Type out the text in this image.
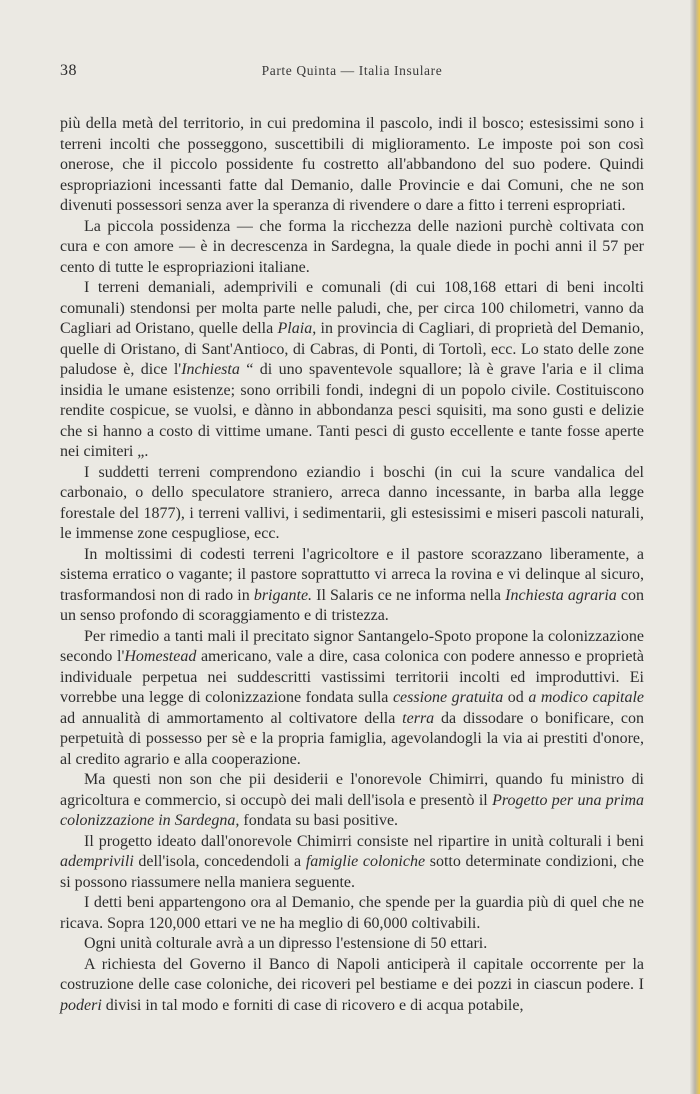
38	Parte Quinta — Italia Insulare

più della metà del territorio, in cui predomina il pascolo, indi il bosco; estesissimi sono i terreni incolti che posseggono, suscettibili di miglioramento. Le imposte poi son così onerose, che il piccolo possidente fu costretto all'abbandono del suo podere. Quindi espropriazioni incessanti fatte dal Demanio, dalle Provincie e dai Comuni, che ne son divenuti possessori senza aver la speranza di rivendere o dare a fitto i terreni espropriati.

La piccola possidenza — che forma la ricchezza delle nazioni purchè coltivata con cura e con amore — è in decrescenza in Sardegna, la quale diede in pochi anni il 57 per cento di tutte le espropriazioni italiane.

I terreni demaniali, ademprivili e comunali (di cui 108,168 ettari di beni incolti comunali) stendonsi per molta parte nelle paludi, che, per circa 100 chilometri, vanno da Cagliari ad Oristano, quelle della Plaia, in provincia di Cagliari, di proprietà del Demanio, quelle di Oristano, di Sant'Antioco, di Cabras, di Ponti, di Tortolì, ecc. Lo stato delle zone paludose è, dice l'Inchiesta “ di uno spaventevole squallore; là è grave l'aria e il clima insidia le umane esistenze; sono orribili fondi, indegni di un popolo civile. Costituiscono rendite cospicue, se vuolsi, e dànno in abbondanza pesci squisiti, ma sono gusti e delizie che si hanno a costo di vittime umane. Tanti pesci di gusto eccellente e tante fosse aperte nei cimiteri „.

I suddetti terreni comprendono eziandio i boschi (in cui la scure vandalica del carbonaio, o dello speculatore straniero, arreca danno incessante, in barba alla legge forestale del 1877), i terreni vallivi, i sedimentarii, gli estesissimi e miseri pascoli naturali, le immense zone cespugliose, ecc.

In moltissimi di codesti terreni l'agricoltore e il pastore scorazzano liberamente, a sistema erratico o vagante; il pastore soprattutto vi arreca la rovina e vi delinque al sicuro, trasformandosi non di rado in brigante. Il Salaris ce ne informa nella Inchiesta agraria con un senso profondo di scoraggiamento e di tristezza.

Per rimedio a tanti mali il precitato signor Santangelo-Spoto propone la colonizzazione secondo l'Homestead americano, vale a dire, casa colonica con podere annesso e proprietà individuale perpetua nei suddescritti vastissimi territorii incolti ed improduttivi. Ei vorrebbe una legge di colonizzazione fondata sulla cessione gratuita od a modico capitale ad annualità di ammortamento al coltivatore della terra da dissodare o bonificare, con perpetuità di possesso per sè e la propria famiglia, agevolandogli la via ai prestiti d'onore, al credito agrario e alla cooperazione.

Ma questi non son che pii desiderii e l'onorevole Chimirri, quando fu ministro di agricoltura e commercio, si occupò dei mali dell'isola e presentò il Progetto per una prima colonizzazione in Sardegna, fondata su basi positive.

Il progetto ideato dall'onorevole Chimirri consiste nel ripartire in unità colturali i beni ademprivili dell'isola, concedendoli a famiglie coloniche sotto determinate condizioni, che si possono riassumere nella maniera seguente.

I detti beni appartengono ora al Demanio, che spende per la guardia più di quel che ne ricava. Sopra 120,000 ettari ve ne ha meglio di 60,000 coltivabili.

Ogni unità colturale avrà a un dipresso l'estensione di 50 ettari.

A richiesta del Governo il Banco di Napoli anticiperà il capitale occorrente per la costruzione delle case coloniche, dei ricoveri pel bestiame e dei pozzi in ciascun podere. I poderi divisi in tal modo e forniti di case di ricovero e di acqua potabile,
